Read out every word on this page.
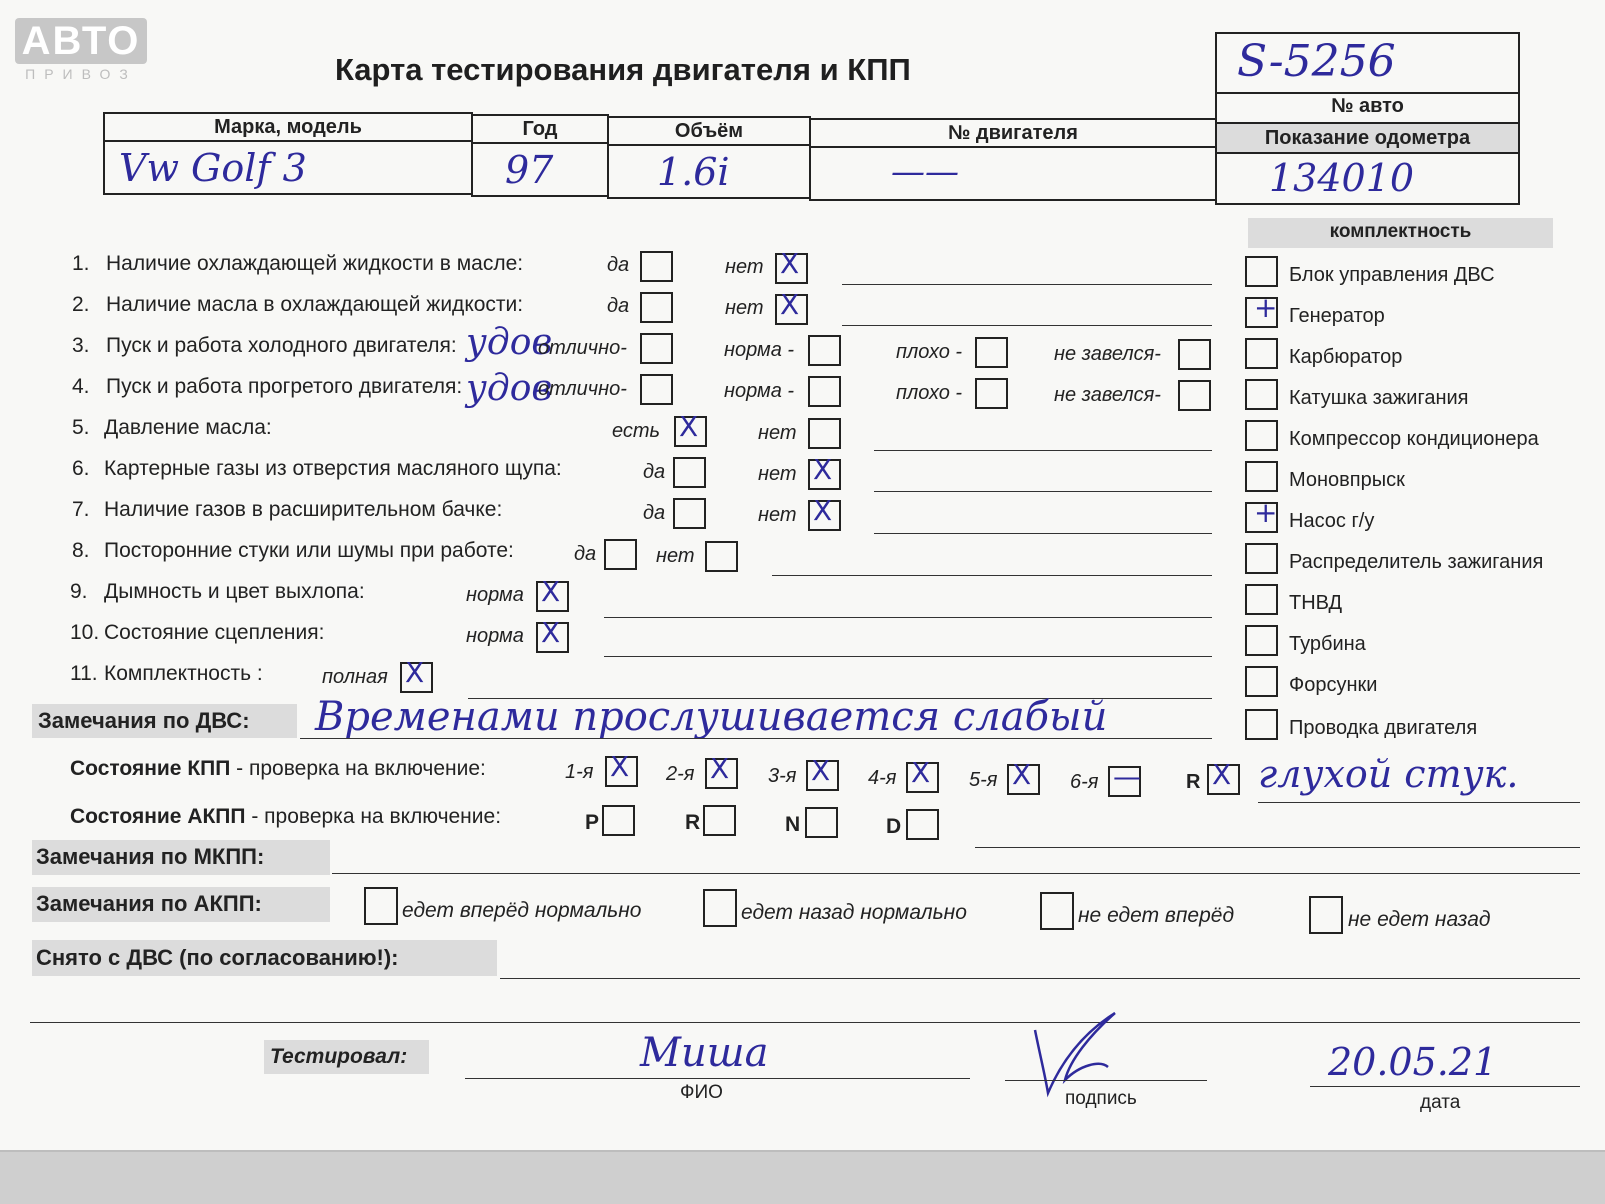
АВТО
ПРИВОЗ	Карта тестирования двигателя и КПП	S-5256
№ авто
Марка, модель	Год	Объём	№ двигателя	Показание одометра
Vw Golf 3	97	1.6i	——	134010
комплектность
1. Наличие охлаждающей жидкости в масле:	да	нет X
2. Наличие масла в охлаждающей жидкости:	да	нет X
3. Пуск и работа холодного двигателя: удов
отлично-	норма -	плохо -	не завелся-
4. Пуск и работа прогретого двигателя: удов
отлично-	норма -	плохо -	не завелся-
5. Давление масла:	есть X	нет
6. Картерные газы из отверстия масляного щупа:	да	нет X
7. Наличие газов в расширительном бачке:	да	нет X
8. Посторонние стуки или шумы при работе:	да	нет
9. Дымность и цвет выхлопа:	норма X
10. Состояние сцепления:	норма X
11. Комплектность :	полная X
Блок управления ДВС
+ Генератор
Карбюратор
Катушка зажигания
Компрессор кондиционера
Моновпрыск
+ Насос г/у
Распределитель зажигания
ТНВД
Турбина
Форсунки
Проводка двигателя
Замечания по ДВС: Временами прослушивается слабый
Состояние КПП - проверка на включение:	1-я X 2-я X 3-я X 4-я X 5-я X 6-я — R X глухой стук.
Состояние АКПП - проверка на включение:	P	R	N	D
Замечания по МКПП:
Замечания по АКПП:	едет вперёд нормально	едет назад нормально	не едет вперёд	не едет назад
Снято с ДВС (по согласованию!):
Тестировал:	Миша
ФИО	подпись
20.05.21
дата
